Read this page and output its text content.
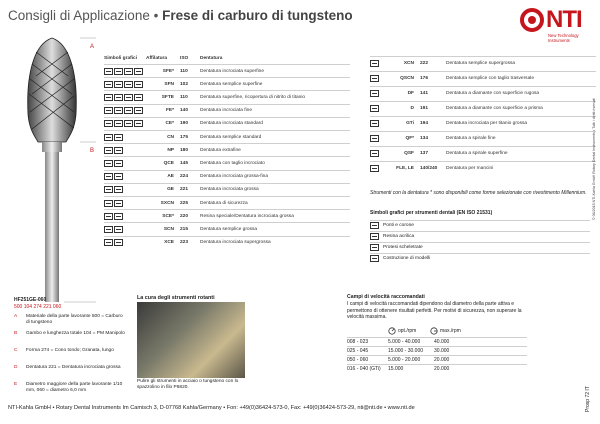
Consigli di Applicazione • Frese di carburo di tungsteno	NTI
New Technology Instruments
A
B
Simboli grafici Affilatura	ISO Dentatura
SFE* 110	Dentatura incrociata superfine
SFN 102 Dentatura semplice superfine
SFTE 110	Dentatura superfine, ricopertura di nitrito di titanio
FE* 140 Dentatura incrociata fine
CE* 190 Dentatura incrociata standard
CN 175 Dentatura semplice standard
NP 180 Dentatura extrafine
QCE 145 Dentatura con taglio incrociato
AE 224 Dentatura incrociata grossa-fina
GE 221 Dentatura incrociata grossa
SXCN 225 Dentatura di sicurezza
SCE* 220 Resina speciale/Dentatura incrociata grossa
SCN 215 Dentatura semplice grossa
XCE 223 Dentatura incrociata supergrossa
XCN 222	Dentatura semplice supergrossa
QSCN 176	Dentatura semplice con taglio trasversale
DF 141	Dentatura a diamante con superficie rugosa
D 191	Dentatura a diamante con superficie a prisma
GTi 194	Dentatura incrociata per titanio grossa
QF* 134	Dentatura a spirale fine
QSF 137	Dentatura a spirale superfine
FLE, LE 140/240 Dentatura per mancini
Strumenti con la dentatura * sono disponibili come forme selezionate con rivestimento Millennium.
Simboli grafici per strumenti dentali (EN ISO 21531)
Ponti e corone
Resina acrilica
Protesi scheletrate
Costruzione di modelli
HF251GE-060
500 104 274 221 060
A Materiale della parte lavorante 500 = Carburo di tungsteno
B Gambo e lunghezza totale 104 = PM Manipolo
C Forma 274 = Cono tondo; Granata, lungo
D Dentatura 221 = Dentatura incrociata grossa
E Diametro maggiore della parte lavorante 1/10 mm, 060 = diametro 6,0 mm
La cura degli strumenti rotanti
Pulire gli strumenti in acciaio o tungsteno con lo spazzolino in filo P6820.
Campi di velocità raccomandati
I campi di velocità raccomandati dipendono dal diametro della parte attiva e permettono di ottenere risultati perfetti. Per motivi di sicurezza, non superare la velocità massima.
opt./rpm	max./rpm
008 - 023	5.000 - 40.000	40.000
025 - 045	15.000 - 30.000 30.000
050 - 060	5.000 - 20.000	20.000
016 - 040 (GTi) 15.000	20.000
NTI-Kahla GmbH • Rotary Dental Instruments Im Camisch 3, D-07768 Kahla/Germany • Fon: +49(0)36424-573-0, Fax: +49(0)36424-573-29, nti@nti.de • www.nti.de
© 06/2015 NTI-Kahla GmbH Rotary Dental Instruments • Tutti i diritti riservati
Prosp 72 IT
